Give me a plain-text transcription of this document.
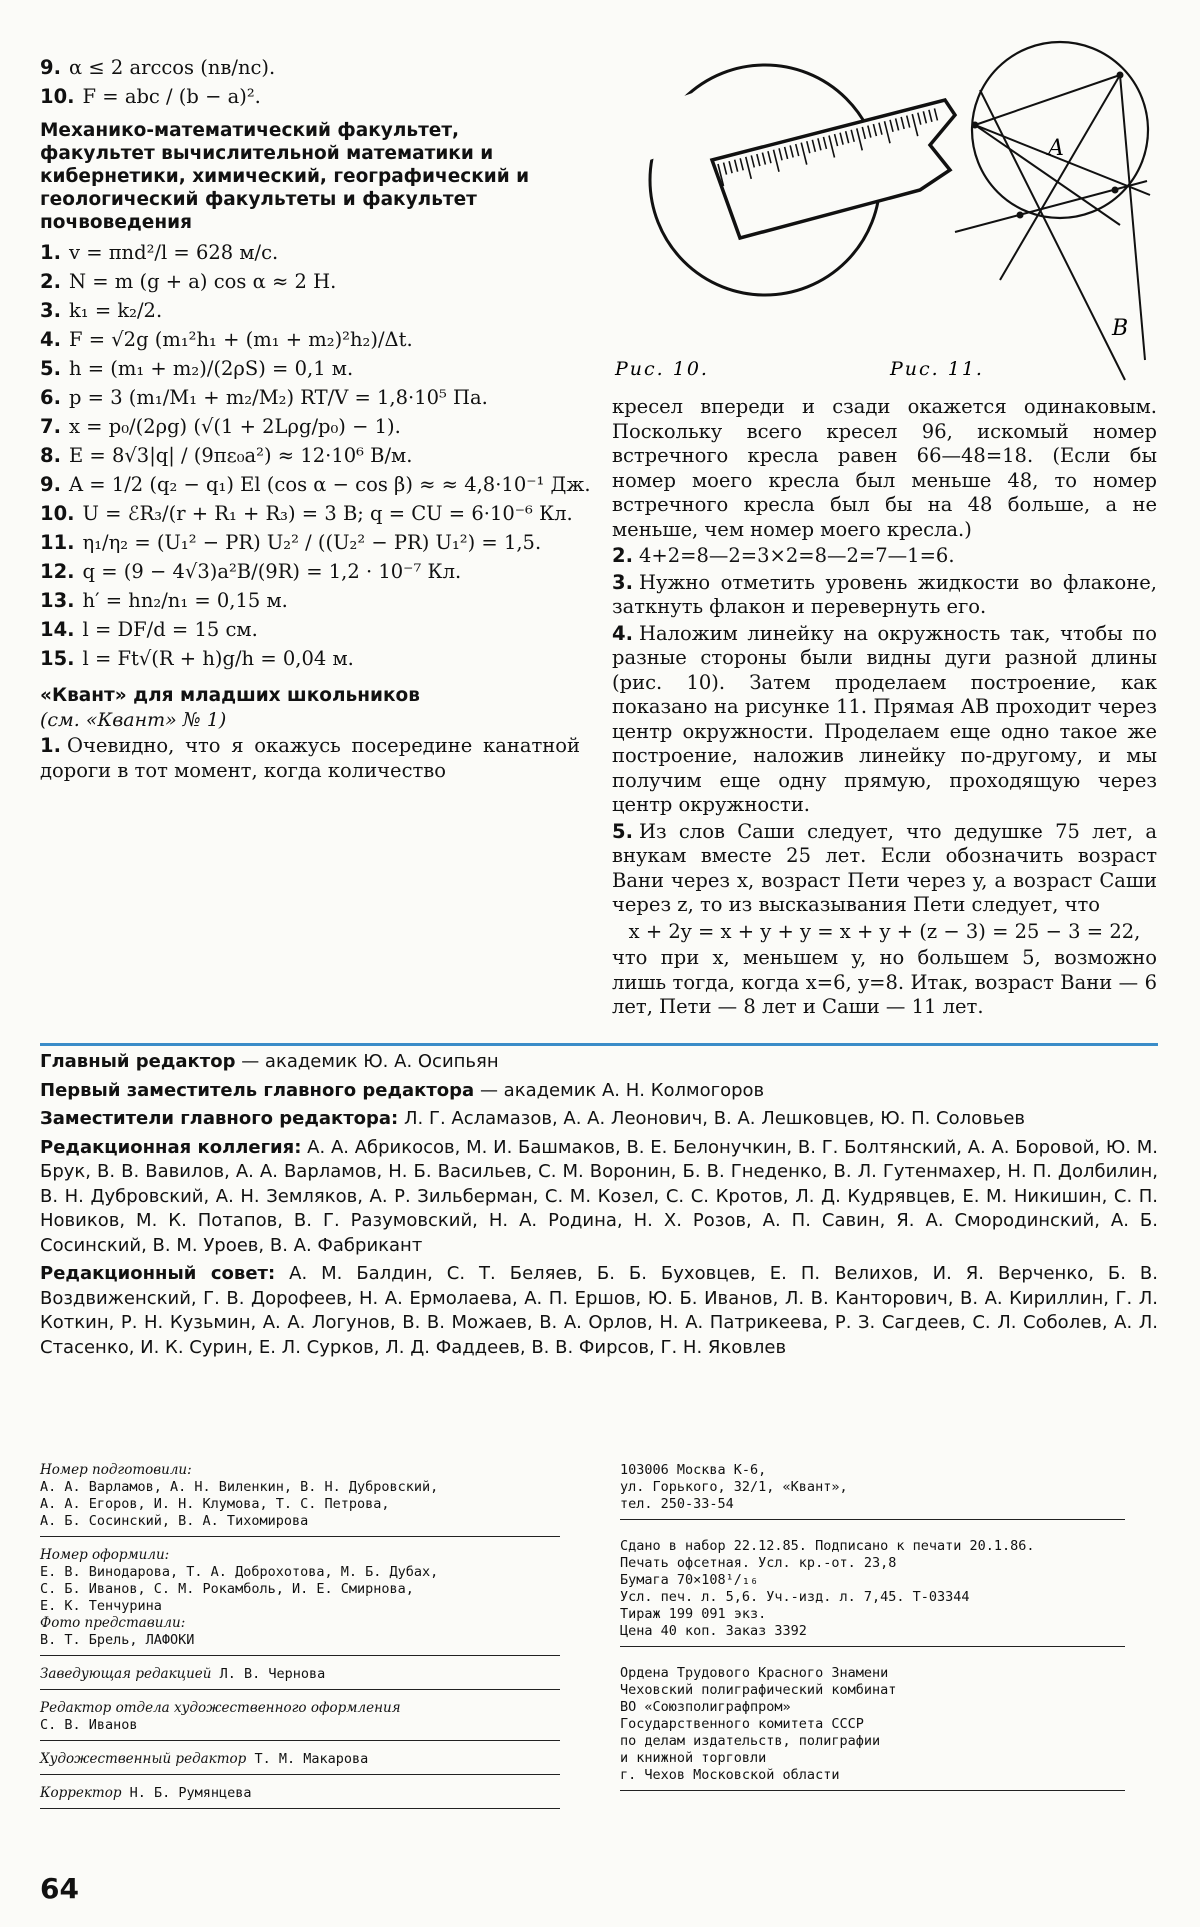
9. α ≤ 2 arccos (nв/nс).
10. F = abc / (b − a)².
Механико-математический факультет, факультет вычислительной математики и кибернетики, химический, географический и геологический факультеты и факультет почвоведения
1. v = πnd²/l = 628 м/с.
2. N = m (g + a) cos α ≈ 2 Н.
3. k₁ = k₂/2.
4. F = √2g (m₁²h₁ + (m₁ + m₂)²h₂)/Δt.
5. h = (m₁ + m₂)/(2ρS) = 0,1 м.
6. p = 3 (m₁/M₁ + m₂/M₂) RT/V = 1,8·10⁵ Па.
7. x = p₀/(2ρg) (√(1 + 2Lρg/p₀) − 1).
8. E = 8√3|q| / (9πε₀a²) ≈ 12·10⁶ В/м.
9. A = 1/2 (q₂ − q₁) El (cos α − cos β) ≈ ≈ 4,8·10⁻¹ Дж.
10. U = ℰR₃/(r + R₁ + R₃) = 3 В; q = CU = 6·10⁻⁶ Кл.
11. η₁/η₂ = (U₁² − PR) U₂² / ((U₂² − PR) U₁²) = 1,5.
12. q = (9 − 4√3)a²B/(9R) = 1,2 · 10⁻⁷ Кл.
13. h′ = hn₂/n₁ = 0,15 м.
14. l = DF/d = 15 см.
15. l = Ft√(R + h)g/h = 0,04 м.
«Квант» для младших школьников
(см. «Квант» № 1)
1. Очевидно, что я окажусь посередине канатной дороги в тот момент, когда количество
A
B
Рис. 10.	Рис. 11.
кресел впереди и сзади окажется одинаковым. Поскольку всего кресел 96, искомый номер встречного кресла равен 66—48=18. (Если бы номер моего кресла был меньше 48, то номер встречного кресла был бы на 48 больше, а не меньше, чем номер моего кресла.)
2. 4+2=8—2=3×2=8—2=7—1=6.
3. Нужно отметить уровень жидкости во флаконе, заткнуть флакон и перевернуть его.
4. Наложим линейку на окружность так, чтобы по разные стороны были видны дуги разной длины (рис. 10). Затем проделаем построение, как показано на рисунке 11. Прямая AB проходит через центр окружности. Проделаем еще одно такое же построение, наложив линейку по-другому, и мы получим еще одну прямую, проходящую через центр окружности.
5. Из слов Саши следует, что дедушке 75 лет, а внукам вместе 25 лет. Если обозначить возраст Вани через x, возраст Пети через y, а возраст Саши через z, то из высказывания Пети следует, что
x + 2y = x + y + y = x + y + (z − 3) = 25 − 3 = 22,
что при x, меньшем y, но большем 5, возможно лишь тогда, когда x=6, y=8. Итак, возраст Вани — 6 лет, Пети — 8 лет и Саши — 11 лет.

Главный редактор — академик Ю. А. Осипьян

Первый заместитель главного редактора — академик А. Н. Колмогоров

Заместители главного редактора: Л. Г. Асламазов, А. А. Леонович, В. А. Лешковцев, Ю. П. Соловьев

Редакционная коллегия: А. А. Абрикосов, М. И. Башмаков, В. Е. Белонучкин, В. Г. Болтянский, А. А. Боровой, Ю. М. Брук, В. В. Вавилов, А. А. Варламов, Н. Б. Васильев, С. М. Воронин, Б. В. Гнеденко, В. Л. Гутенмахер, Н. П. Долбилин, В. Н. Дубровский, А. Н. Земляков, А. Р. Зильберман, С. М. Козел, С. С. Кротов, Л. Д. Кудрявцев, Е. М. Никишин, С. П. Новиков, М. К. Потапов, В. Г. Разумовский, Н. А. Родина, Н. Х. Розов, А. П. Савин, Я. А. Смородинский, А. Б. Сосинский, В. М. Уроев, В. А. Фабрикант

Редакционный совет: А. М. Балдин, С. Т. Беляев, Б. Б. Буховцев, Е. П. Велихов, И. Я. Верченко, Б. В. Воздвиженский, Г. В. Дорофеев, Н. А. Ермолаева, А. П. Ершов, Ю. Б. Иванов, Л. В. Канторович, В. А. Кириллин, Г. Л. Коткин, Р. Н. Кузьмин, А. А. Логунов, В. В. Можаев, В. А. Орлов, Н. А. Патрикеева, Р. З. Сагдеев, С. Л. Соболев, А. Л. Стасенко, И. К. Сурин, Е. Л. Сурков, Л. Д. Фаддеев, В. В. Фирсов, Г. Н. Яковлев

Номер подготовили:
А. А. Варламов, А. Н. Виленкин, В. Н. Дубровский,
А. А. Егоров, И. Н. Клумова, Т. С. Петрова,
А. Б. Сосинский, В. А. Тихомирова
Номер оформили:
Е. В. Винодарова, Т. А. Доброхотова, М. Б. Дубах,
С. Б. Иванов, С. М. Рокамболь, И. Е. Смирнова,
Е. К. Тенчурина
Фото представили:
В. Т. Брель, ЛАФОКИ
Заведующая редакцией Л. В. Чернова
Редактор отдела художественного оформления
С. В. Иванов
Художественный редактор Т. М. Макарова
Корректор Н. Б. Румянцева
103006 Москва К-6,
ул. Горького, 32/1, «Квант»,
тел. 250-33-54
Сдано в набор 22.12.85. Подписано к печати 20.1.86.
Печать офсетная. Усл. кр.-от. 23,8
Бумага 70×108¹/₁₆
Усл. печ. л. 5,6. Уч.-изд. л. 7,45. Т-03344
Тираж 199 091 экз.
Цена 40 коп. Заказ 3392
Ордена Трудового Красного Знамени
Чеховский полиграфический комбинат
ВО «Союзполиграфпром»
Государственного комитета СССР
по делам издательств, полиграфии
и книжной торговли
г. Чехов Московской области
64
